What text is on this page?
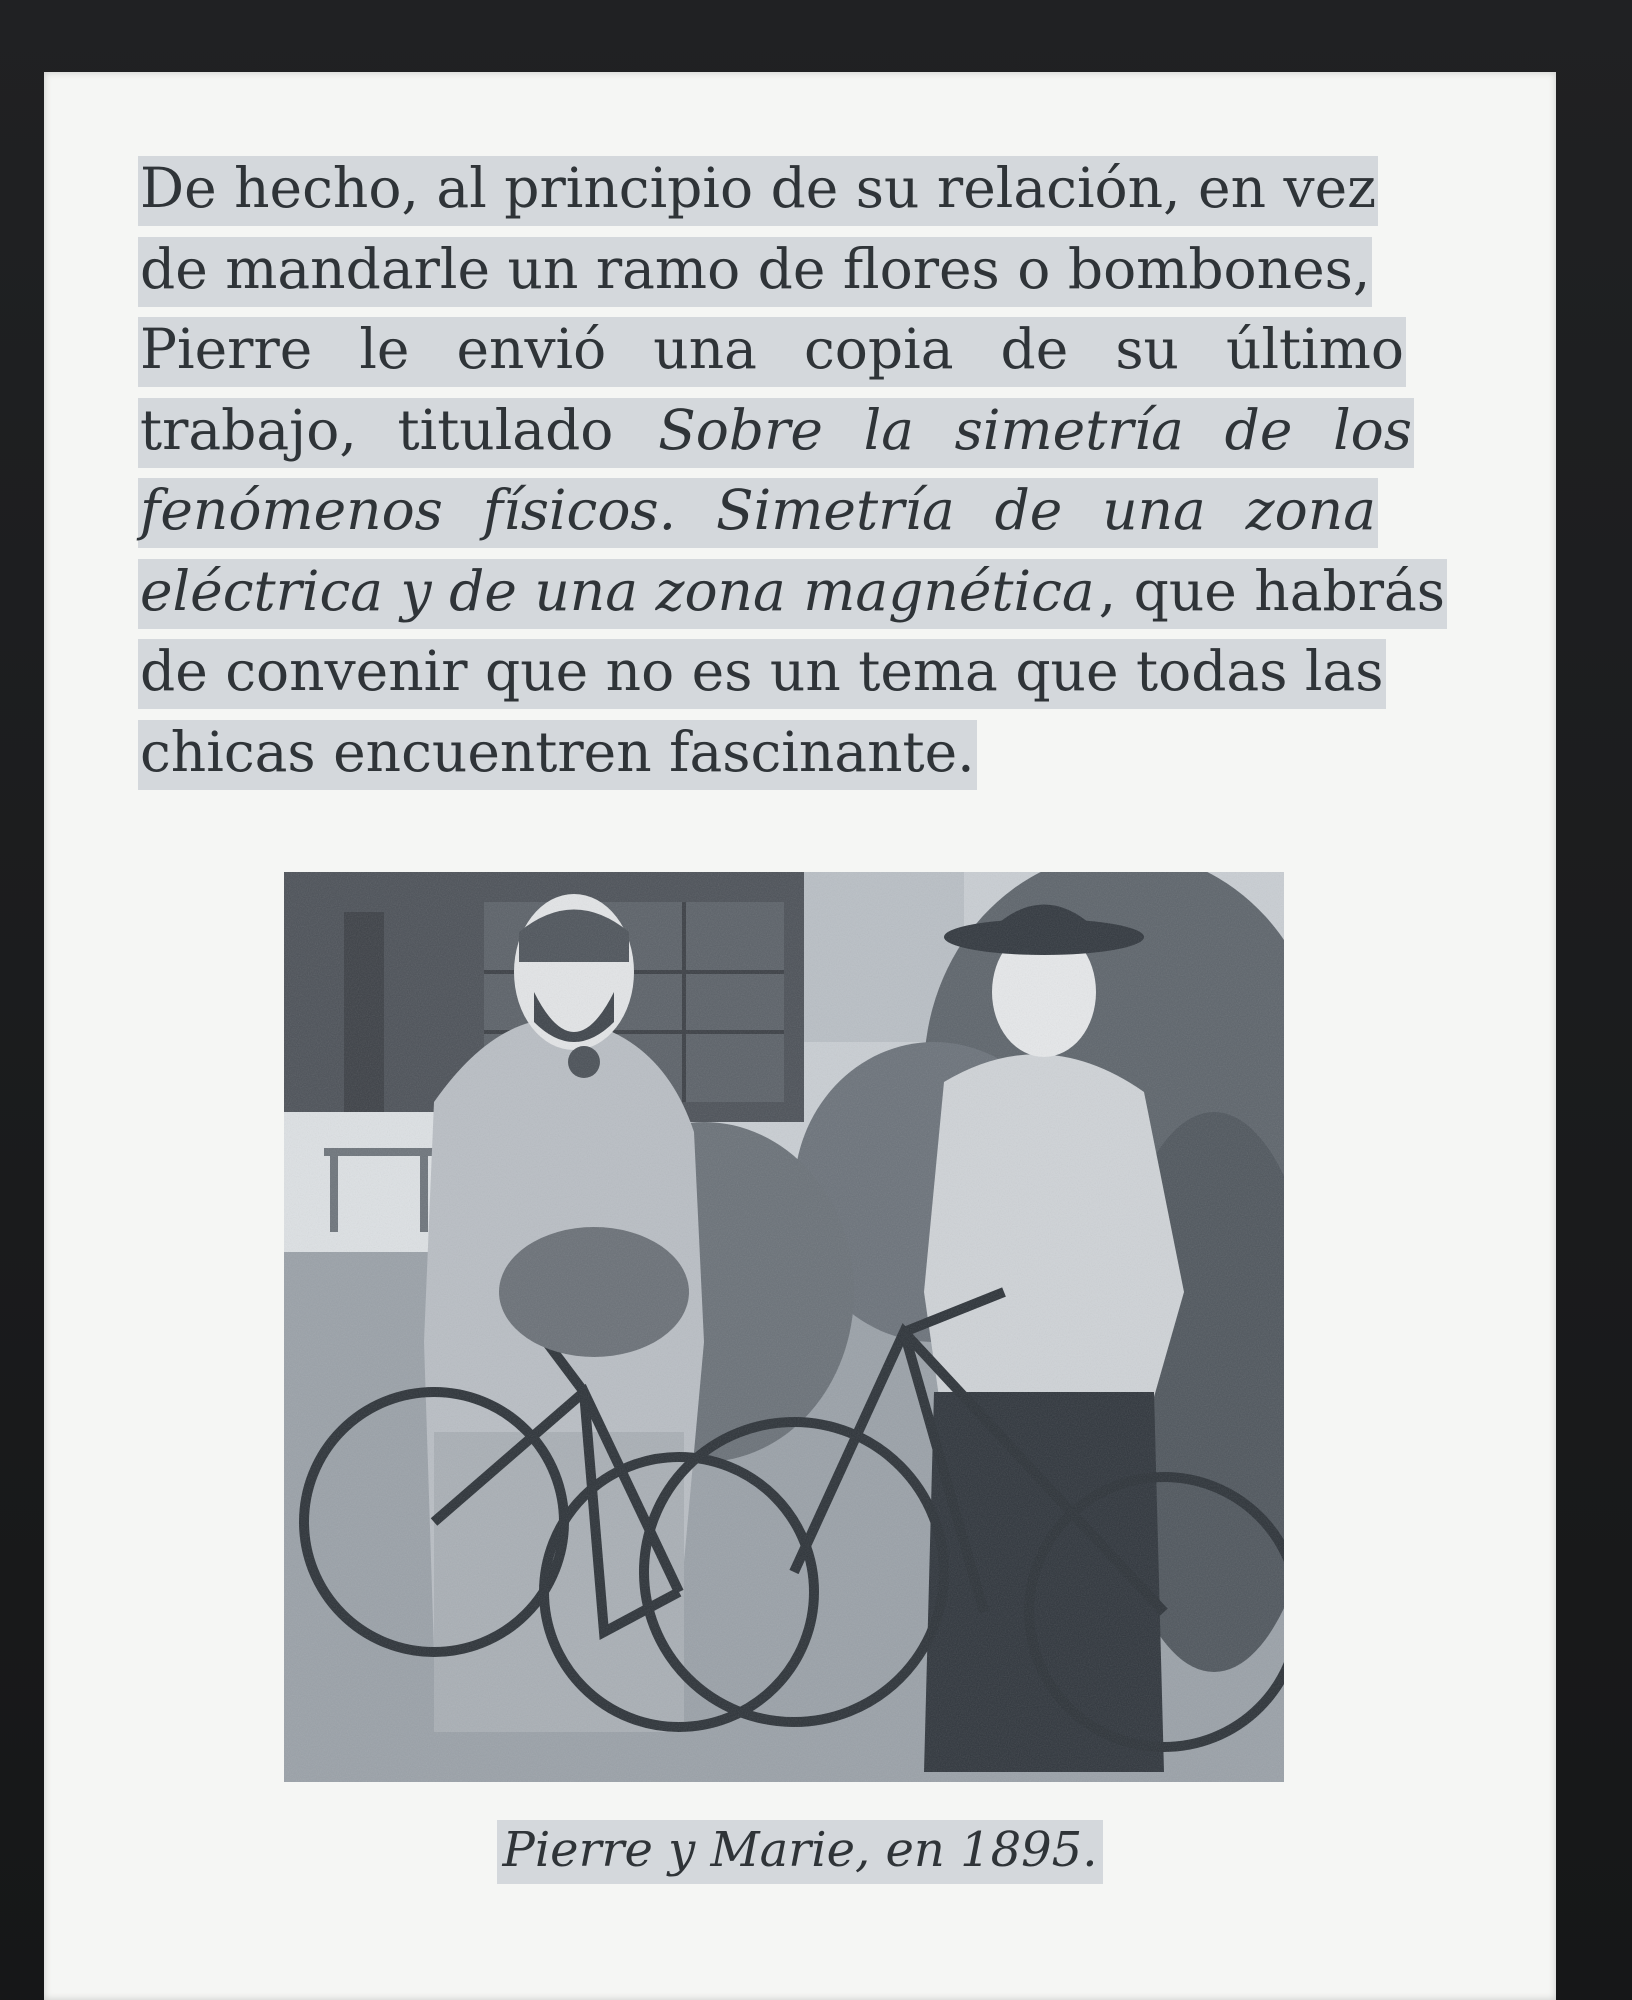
De hecho, al principio de su relación, en vez
de mandarle un ramo de flores o bombones,
Pierre le envió una copia de su último
trabajo, titulado Sobre la simetría de los
fenómenos físicos. Simetría de una zona
eléctrica y de una zona magnética, que habrás
de convenir que no es un tema que todas las
chicas encuentren fascinante.
Pierre y Marie, en 1895.
